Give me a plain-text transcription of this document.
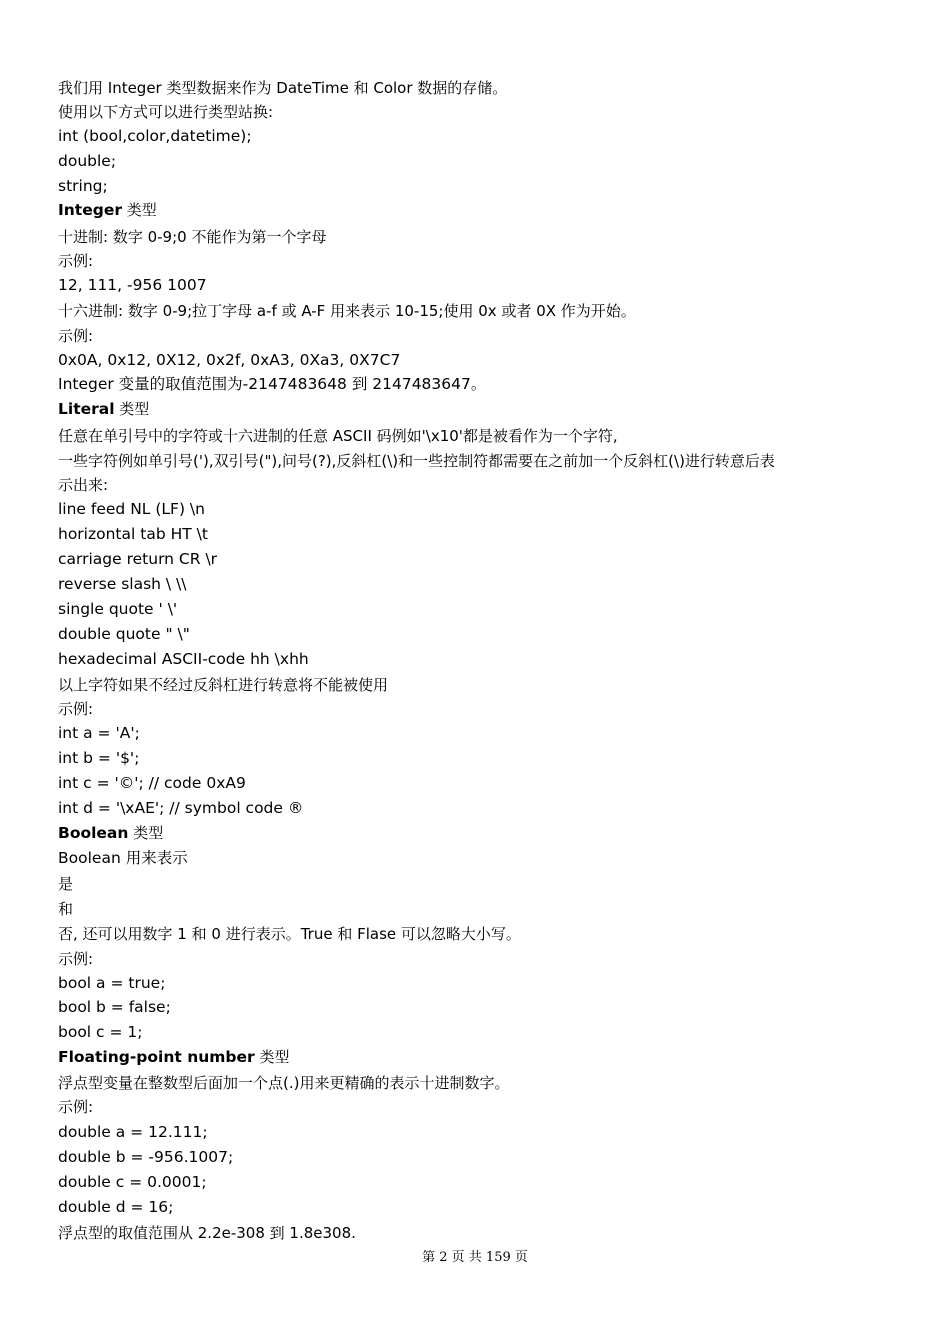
我们用 Integer 类型数据来作为 DateTime 和 Color 数据的存储。
使用以下方式可以进行类型站换:
int (bool,color,datetime);
double;
string;
Integer 类型
十进制: 数字 0-9;0 不能作为第一个字母
示例:
12, 111, -956 1007
十六进制: 数字 0-9;拉丁字母 a-f 或 A-F 用来表示 10-15;使用 0x 或者 0X 作为开始。
示例:
0x0A, 0x12, 0X12, 0x2f, 0xA3, 0Xa3, 0X7C7
Integer 变量的取值范围为-2147483648 到 2147483647。
Literal 类型
任意在单引号中的字符或十六进制的任意 ASCII 码例如'\x10'都是被看作为一个字符,
一些字符例如单引号('),双引号("),问号(?),反斜杠(\)和一些控制符都需要在之前加一个反斜杠(\)进行转意后表
示出来:
line feed NL (LF) \n
horizontal tab HT \t
carriage return CR \r
reverse slash \ \\
single quote ' \'
double quote " \"
hexadecimal ASCII-code hh \xhh
以上字符如果不经过反斜杠进行转意将不能被使用
示例:
int a = 'A';
int b = '$';
int c = '©'; // code 0xA9
int d = '\xAE'; // symbol code ®
Boolean 类型
Boolean 用来表示
是
和
否, 还可以用数字 1 和 0 进行表示。True 和 Flase 可以忽略大小写。
示例:
bool a = true;
bool b = false;
bool c = 1;
Floating-point number 类型
浮点型变量在整数型后面加一个点(.)用来更精确的表示十进制数字。
示例:
double a = 12.111;
double b = -956.1007;
double c = 0.0001;
double d = 16;
浮点型的取值范围从 2.2e-308 到 1.8e308.
第 2 页 共 159 页
